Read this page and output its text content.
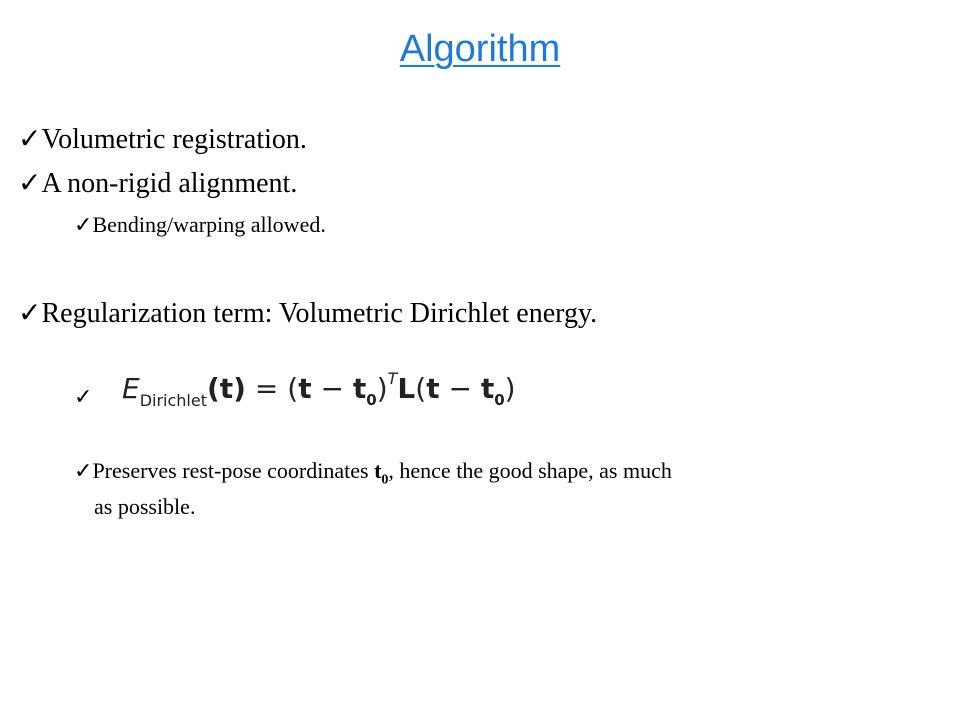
Algorithm
✓Volumetric registration.
✓A non-rigid alignment.
✓Bending/warping allowed.
✓Regularization term: Volumetric Dirichlet energy.
✓ $E_{Dirichlet}(t) = (t - t_0)^TL(t - t_0)$
✓Preserves rest-pose coordinates $t_0$, hence the good shape, as much
as possible.
